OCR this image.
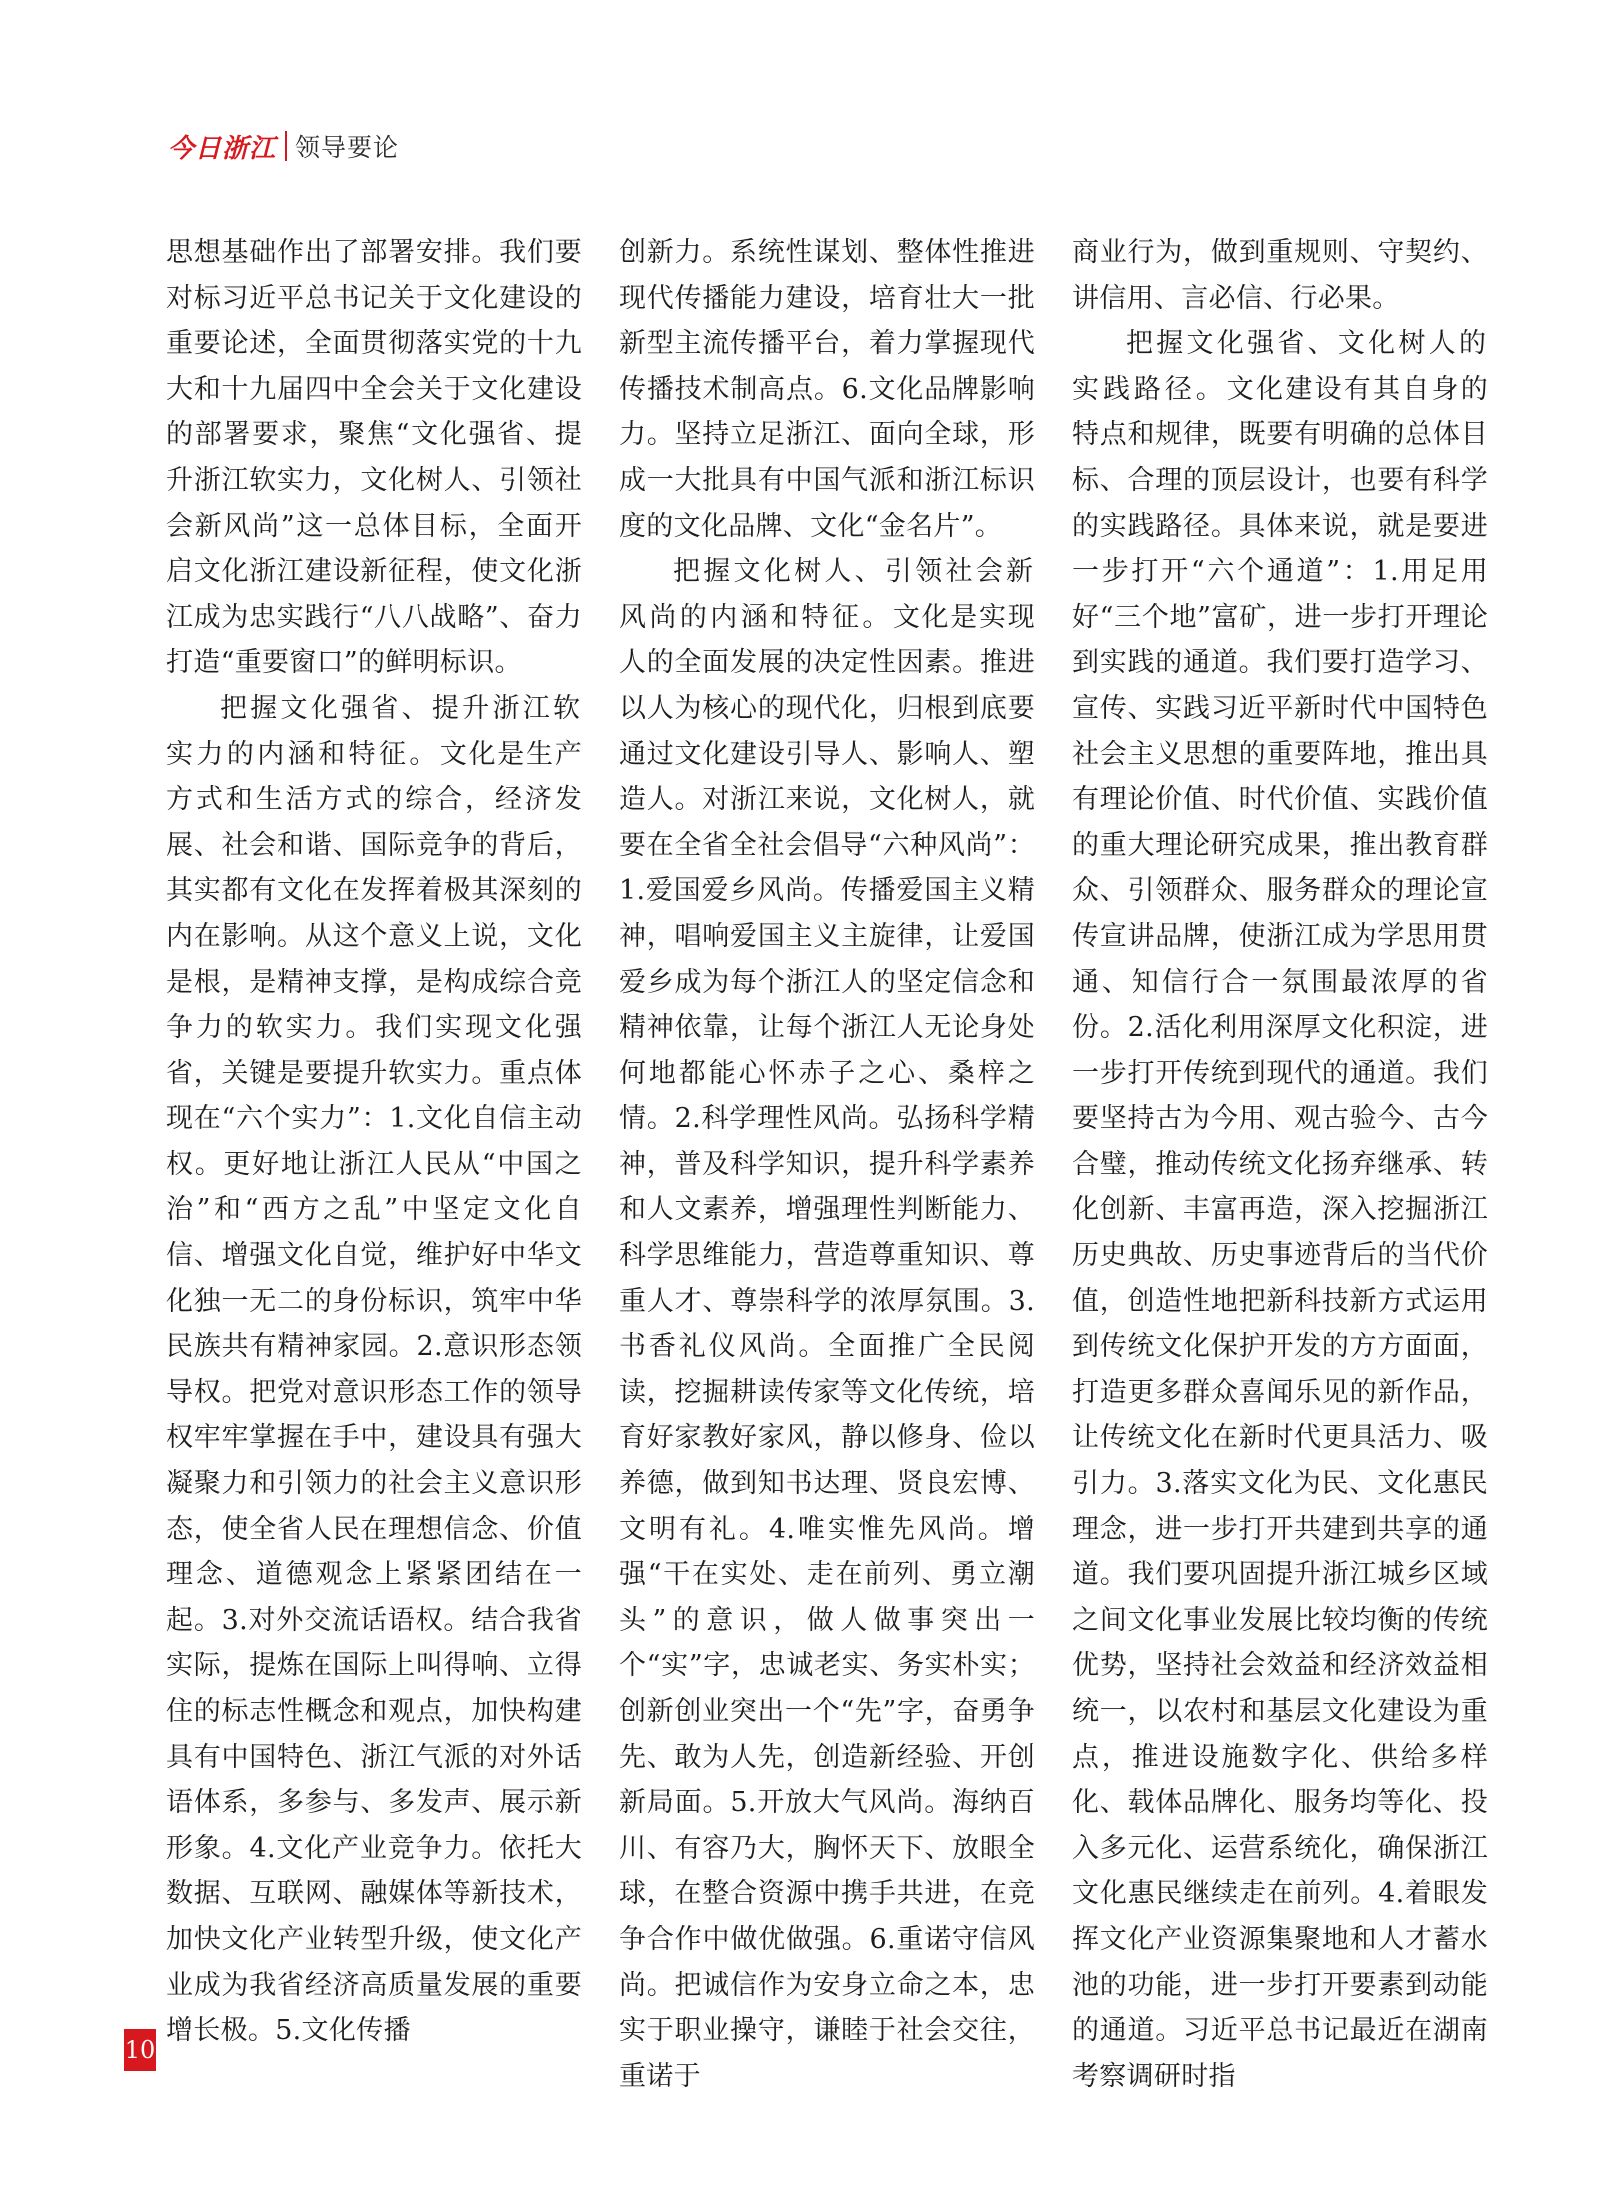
今日浙江 领导要论

思想基础作出了部署安排。我们要对标习近平总书记关于文化建设的重要论述，全面贯彻落实党的十九大和十九届四中全会关于文化建设的部署要求，聚焦“文化强省、提升浙江软实力，文化树人、引领社会新风尚”这一总体目标，全面开启文化浙江建设新征程，使文化浙江成为忠实践行“八八战略”、奋力打造“重要窗口”的鲜明标识。

把握文化强省、提升浙江软实力的内涵和特征。文化是生产方式和生活方式的综合，经济发展、社会和谐、国际竞争的背后，其实都有文化在发挥着极其深刻的内在影响。从这个意义上说，文化是根，是精神支撑，是构成综合竞争力的软实力。我们实现文化强省，关键是要提升软实力。重点体现在“六个实力”：1.文化自信主动权。更好地让浙江人民从“中国之治”和“西方之乱”中坚定文化自信、增强文化自觉，维护好中华文化独一无二的身份标识，筑牢中华民族共有精神家园。2.意识形态领导权。把党对意识形态工作的领导权牢牢掌握在手中，建设具有强大凝聚力和引领力的社会主义意识形态，使全省人民在理想信念、价值理念、道德观念上紧紧团结在一起。3.对外交流话语权。结合我省实际，提炼在国际上叫得响、立得住的标志性概念和观点，加快构建具有中国特色、浙江气派的对外话语体系，多参与、多发声、展示新形象。4.文化产业竞争力。依托大数据、互联网、融媒体等新技术，加快文化产业转型升级，使文化产业成为我省经济高质量发展的重要增长极。5.文化传播

创新力。系统性谋划、整体性推进现代传播能力建设，培育壮大一批新型主流传播平台，着力掌握现代传播技术制高点。6.文化品牌影响力。坚持立足浙江、面向全球，形成一大批具有中国气派和浙江标识度的文化品牌、文化“金名片”。

把握文化树人、引领社会新风尚的内涵和特征。文化是实现人的全面发展的决定性因素。推进以人为核心的现代化，归根到底要通过文化建设引导人、影响人、塑造人。对浙江来说，文化树人，就要在全省全社会倡导“六种风尚”：1.爱国爱乡风尚。传播爱国主义精神，唱响爱国主义主旋律，让爱国爱乡成为每个浙江人的坚定信念和精神依靠，让每个浙江人无论身处何地都能心怀赤子之心、桑梓之情。2.科学理性风尚。弘扬科学精神，普及科学知识，提升科学素养和人文素养，增强理性判断能力、科学思维能力，营造尊重知识、尊重人才、尊崇科学的浓厚氛围。3.书香礼仪风尚。全面推广全民阅读，挖掘耕读传家等文化传统，培育好家教好家风，静以修身、俭以养德，做到知书达理、贤良宏博、文明有礼。4.唯实惟先风尚。增强“干在实处、走在前列、勇立潮头”的意识，做人做事突出一个“实”字，忠诚老实、务实朴实；创新创业突出一个“先”字，奋勇争先、敢为人先，创造新经验、开创新局面。5.开放大气风尚。海纳百川、有容乃大，胸怀天下、放眼全球，在整合资源中携手共进，在竞争合作中做优做强。6.重诺守信风尚。把诚信作为安身立命之本，忠实于职业操守，谦睦于社会交往，重诺于

商业行为，做到重规则、守契约、讲信用、言必信、行必果。

把握文化强省、文化树人的实践路径。文化建设有其自身的特点和规律，既要有明确的总体目标、合理的顶层设计，也要有科学的实践路径。具体来说，就是要进一步打开“六个通道”：1.用足用好“三个地”富矿，进一步打开理论到实践的通道。我们要打造学习、宣传、实践习近平新时代中国特色社会主义思想的重要阵地，推出具有理论价值、时代价值、实践价值的重大理论研究成果，推出教育群众、引领群众、服务群众的理论宣传宣讲品牌，使浙江成为学思用贯通、知信行合一氛围最浓厚的省份。2.活化利用深厚文化积淀，进一步打开传统到现代的通道。我们要坚持古为今用、观古验今、古今合璧，推动传统文化扬弃继承、转化创新、丰富再造，深入挖掘浙江历史典故、历史事迹背后的当代价值，创造性地把新科技新方式运用到传统文化保护开发的方方面面，打造更多群众喜闻乐见的新作品，让传统文化在新时代更具活力、吸引力。3.落实文化为民、文化惠民理念，进一步打开共建到共享的通道。我们要巩固提升浙江城乡区域之间文化事业发展比较均衡的传统优势，坚持社会效益和经济效益相统一，以农村和基层文化建设为重点，推进设施数字化、供给多样化、载体品牌化、服务均等化、投入多元化、运营系统化，确保浙江文化惠民继续走在前列。4.着眼发挥文化产业资源集聚地和人才蓄水池的功能，进一步打开要素到动能的通道。习近平总书记最近在湖南考察调研时指

10
